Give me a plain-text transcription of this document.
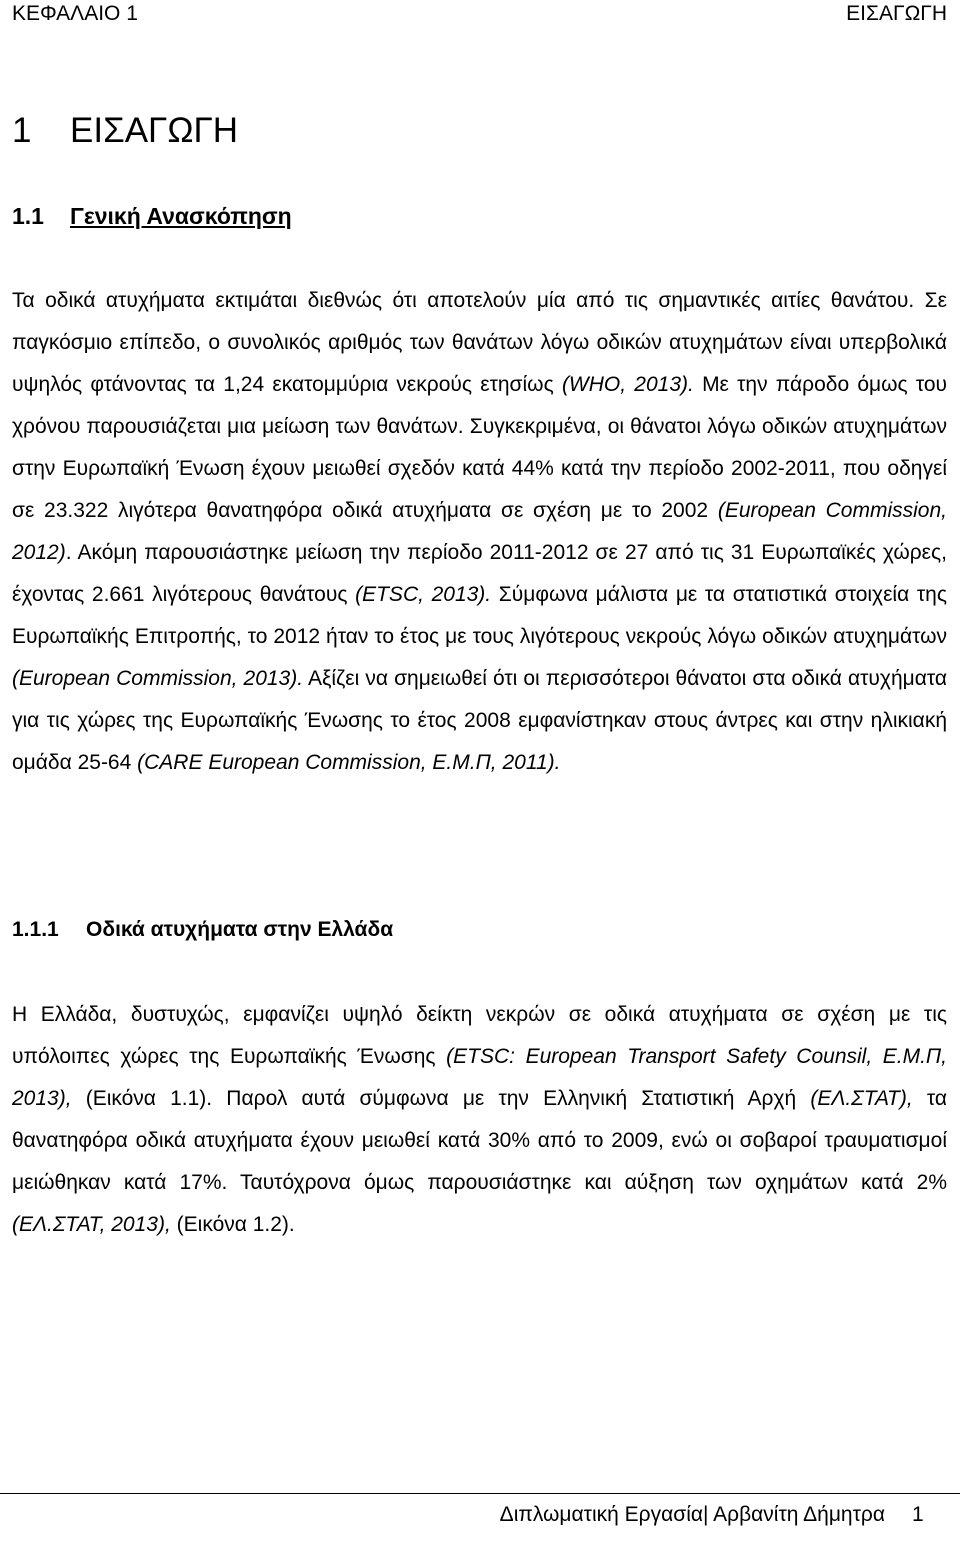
ΚΕΦΑΛΑΙΟ 1	ΕΙΣΑΓΩΓΗ
1 ΕΙΣΑΓΩΓΗ
1.1 Γενική Ανασκόπηση

Τα οδικά ατυχήματα εκτιμάται διεθνώς ότι αποτελούν μία από τις σημαντικές αιτίες θανάτου. Σε παγκόσμιο επίπεδο, ο συνολικός αριθμός των θανάτων λόγω οδικών ατυχημάτων είναι υπερβολικά υψηλός φτάνοντας τα 1,24 εκατομμύρια νεκρούς ετησίως (WHO, 2013). Με την πάροδο όμως του χρόνου παρουσιάζεται μια μείωση των θανάτων. Συγκεκριμένα, οι θάνατοι λόγω οδικών ατυχημάτων στην Ευρωπαϊκή Ένωση έχουν μειωθεί σχεδόν κατά 44% κατά την περίοδο 2002-2011, που οδηγεί σε 23.322 λιγότερα θανατηφόρα οδικά ατυχήματα σε σχέση με το 2002 (European Commission, 2012). Ακόμη παρουσιάστηκε μείωση την περίοδο 2011-2012 σε 27 από τις 31 Ευρωπαϊκές χώρες, έχοντας 2.661 λιγότερους θανάτους (ETSC, 2013). Σύμφωνα μάλιστα με τα στατιστικά στοιχεία της Ευρωπαϊκής Επιτροπής, το 2012 ήταν το έτος με τους λιγότερους νεκρούς λόγω οδικών ατυχημάτων (European Commission, 2013). Αξίζει να σημειωθεί ότι οι περισσότεροι θάνατοι στα οδικά ατυχήματα για τις χώρες της Ευρωπαϊκής Ένωσης το έτος 2008 εμφανίστηκαν στους άντρες και στην ηλικιακή ομάδα 25-64 (CARE European Commission, Ε.Μ.Π, 2011).

1.1.1 Οδικά ατυχήματα στην Ελλάδα

Η Ελλάδα, δυστυχώς, εμφανίζει υψηλό δείκτη νεκρών σε οδικά ατυχήματα σε σχέση με τις υπόλοιπες χώρες της Ευρωπαϊκής Ένωσης (ETSC: European Transport Safety Counsil, Ε.Μ.Π, 2013), (Εικόνα 1.1). Παρολ αυτά σύμφωνα με την Ελληνική Στατιστική Αρχή (ΕΛ.ΣΤΑΤ), τα θανατηφόρα οδικά ατυχήματα έχουν μειωθεί κατά 30% από το 2009, ενώ οι σοβαροί τραυματισμοί μειώθηκαν κατά 17%. Ταυτόχρονα όμως παρουσιάστηκε και αύξηση των οχημάτων κατά 2% (ΕΛ.ΣΤΑΤ, 2013), (Εικόνα 1.2).

Διπλωματική Εργασία| Αρβανίτη Δήμητρα 1
